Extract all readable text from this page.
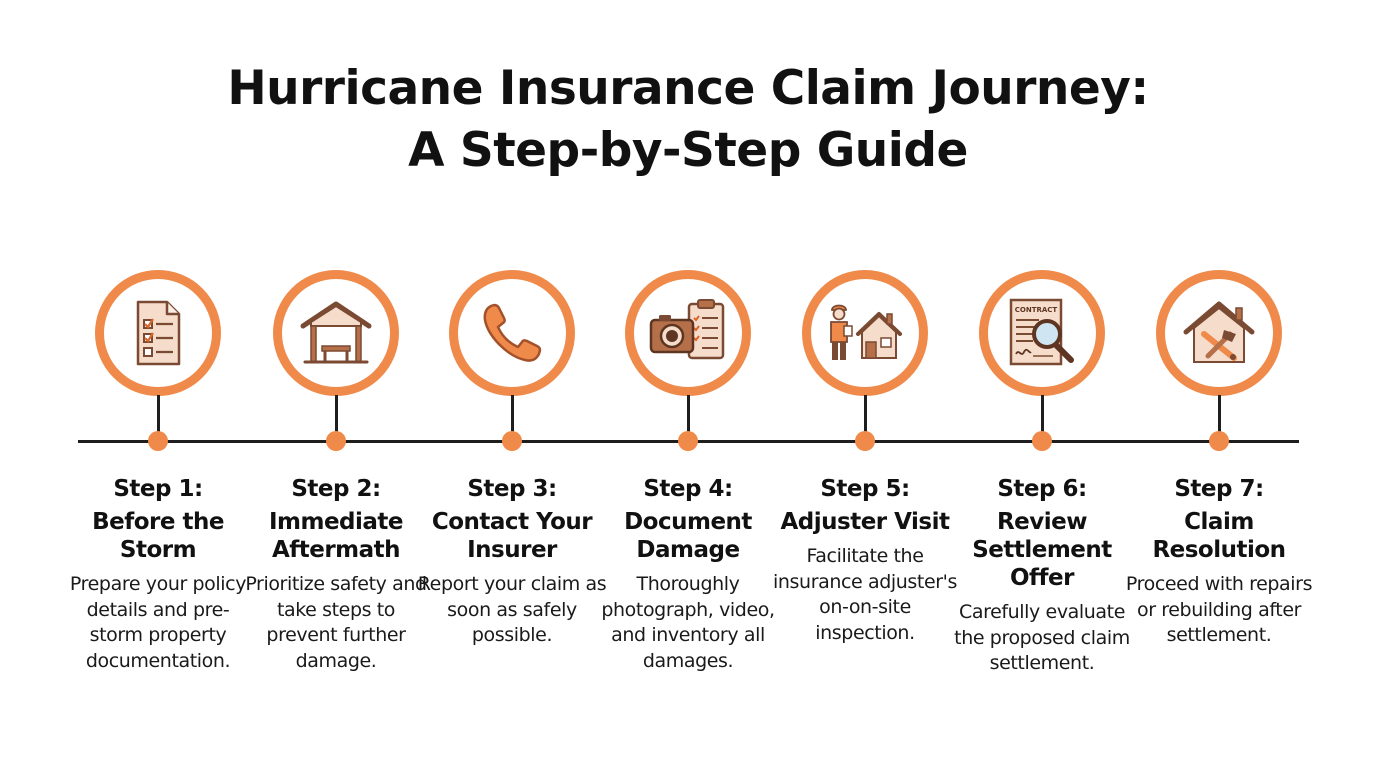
Hurricane Insurance Claim Journey:
A Step-by-Step Guide
Step 1:
Before the Storm
Prepare your policy details and pre-storm property documentation.
Step 2:
Immediate Aftermath
Prioritize safety and take steps to prevent further damage.
Step 3:
Contact Your Insurer
Report your claim as soon as safely possible.
Step 4:
Document Damage
Thoroughly photograph, video, and inventory all damages.
Step 5:
Adjuster Visit
Facilitate the insurance adjuster's on-on-site inspection.
CONTRACT
Step 6:
Review Settlement Offer
Carefully evaluate the proposed claim settlement.
Step 7:
Claim Resolution
Proceed with repairs or rebuilding after settlement.
